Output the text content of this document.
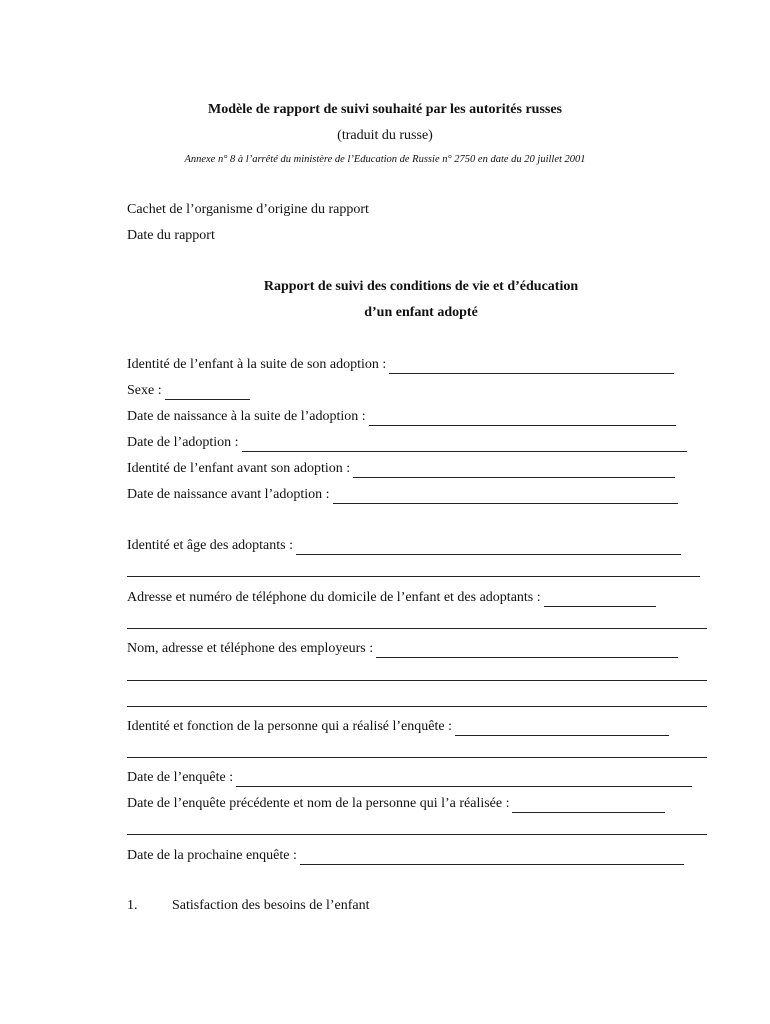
Modèle de rapport de suivi souhaité par les autorités russes
(traduit du russe)
Annexe n° 8 à l’arrêté du ministère de l’Education de Russie n° 2750 en date du 20 juillet 2001
Cachet de l’organisme d’origine du rapport
Date du rapport
Rapport de suivi des conditions de vie et d’éducation
d’un enfant adopté
Identité de l’enfant à la suite de son adoption :
Sexe :
Date de naissance à la suite de l’adoption :
Date de l’adoption :
Identité de l’enfant avant son adoption :
Date de naissance avant l’adoption :
Identité et âge des adoptants :
Adresse et numéro de téléphone du domicile de l’enfant et des adoptants :
Nom, adresse et téléphone des employeurs :
Identité et fonction de la personne qui a réalisé l’enquête :
Date de l’enquête :
Date de l’enquête précédente et nom de la personne qui l’a réalisée :
Date de la prochaine enquête :
1. Satisfaction des besoins de l’enfant
